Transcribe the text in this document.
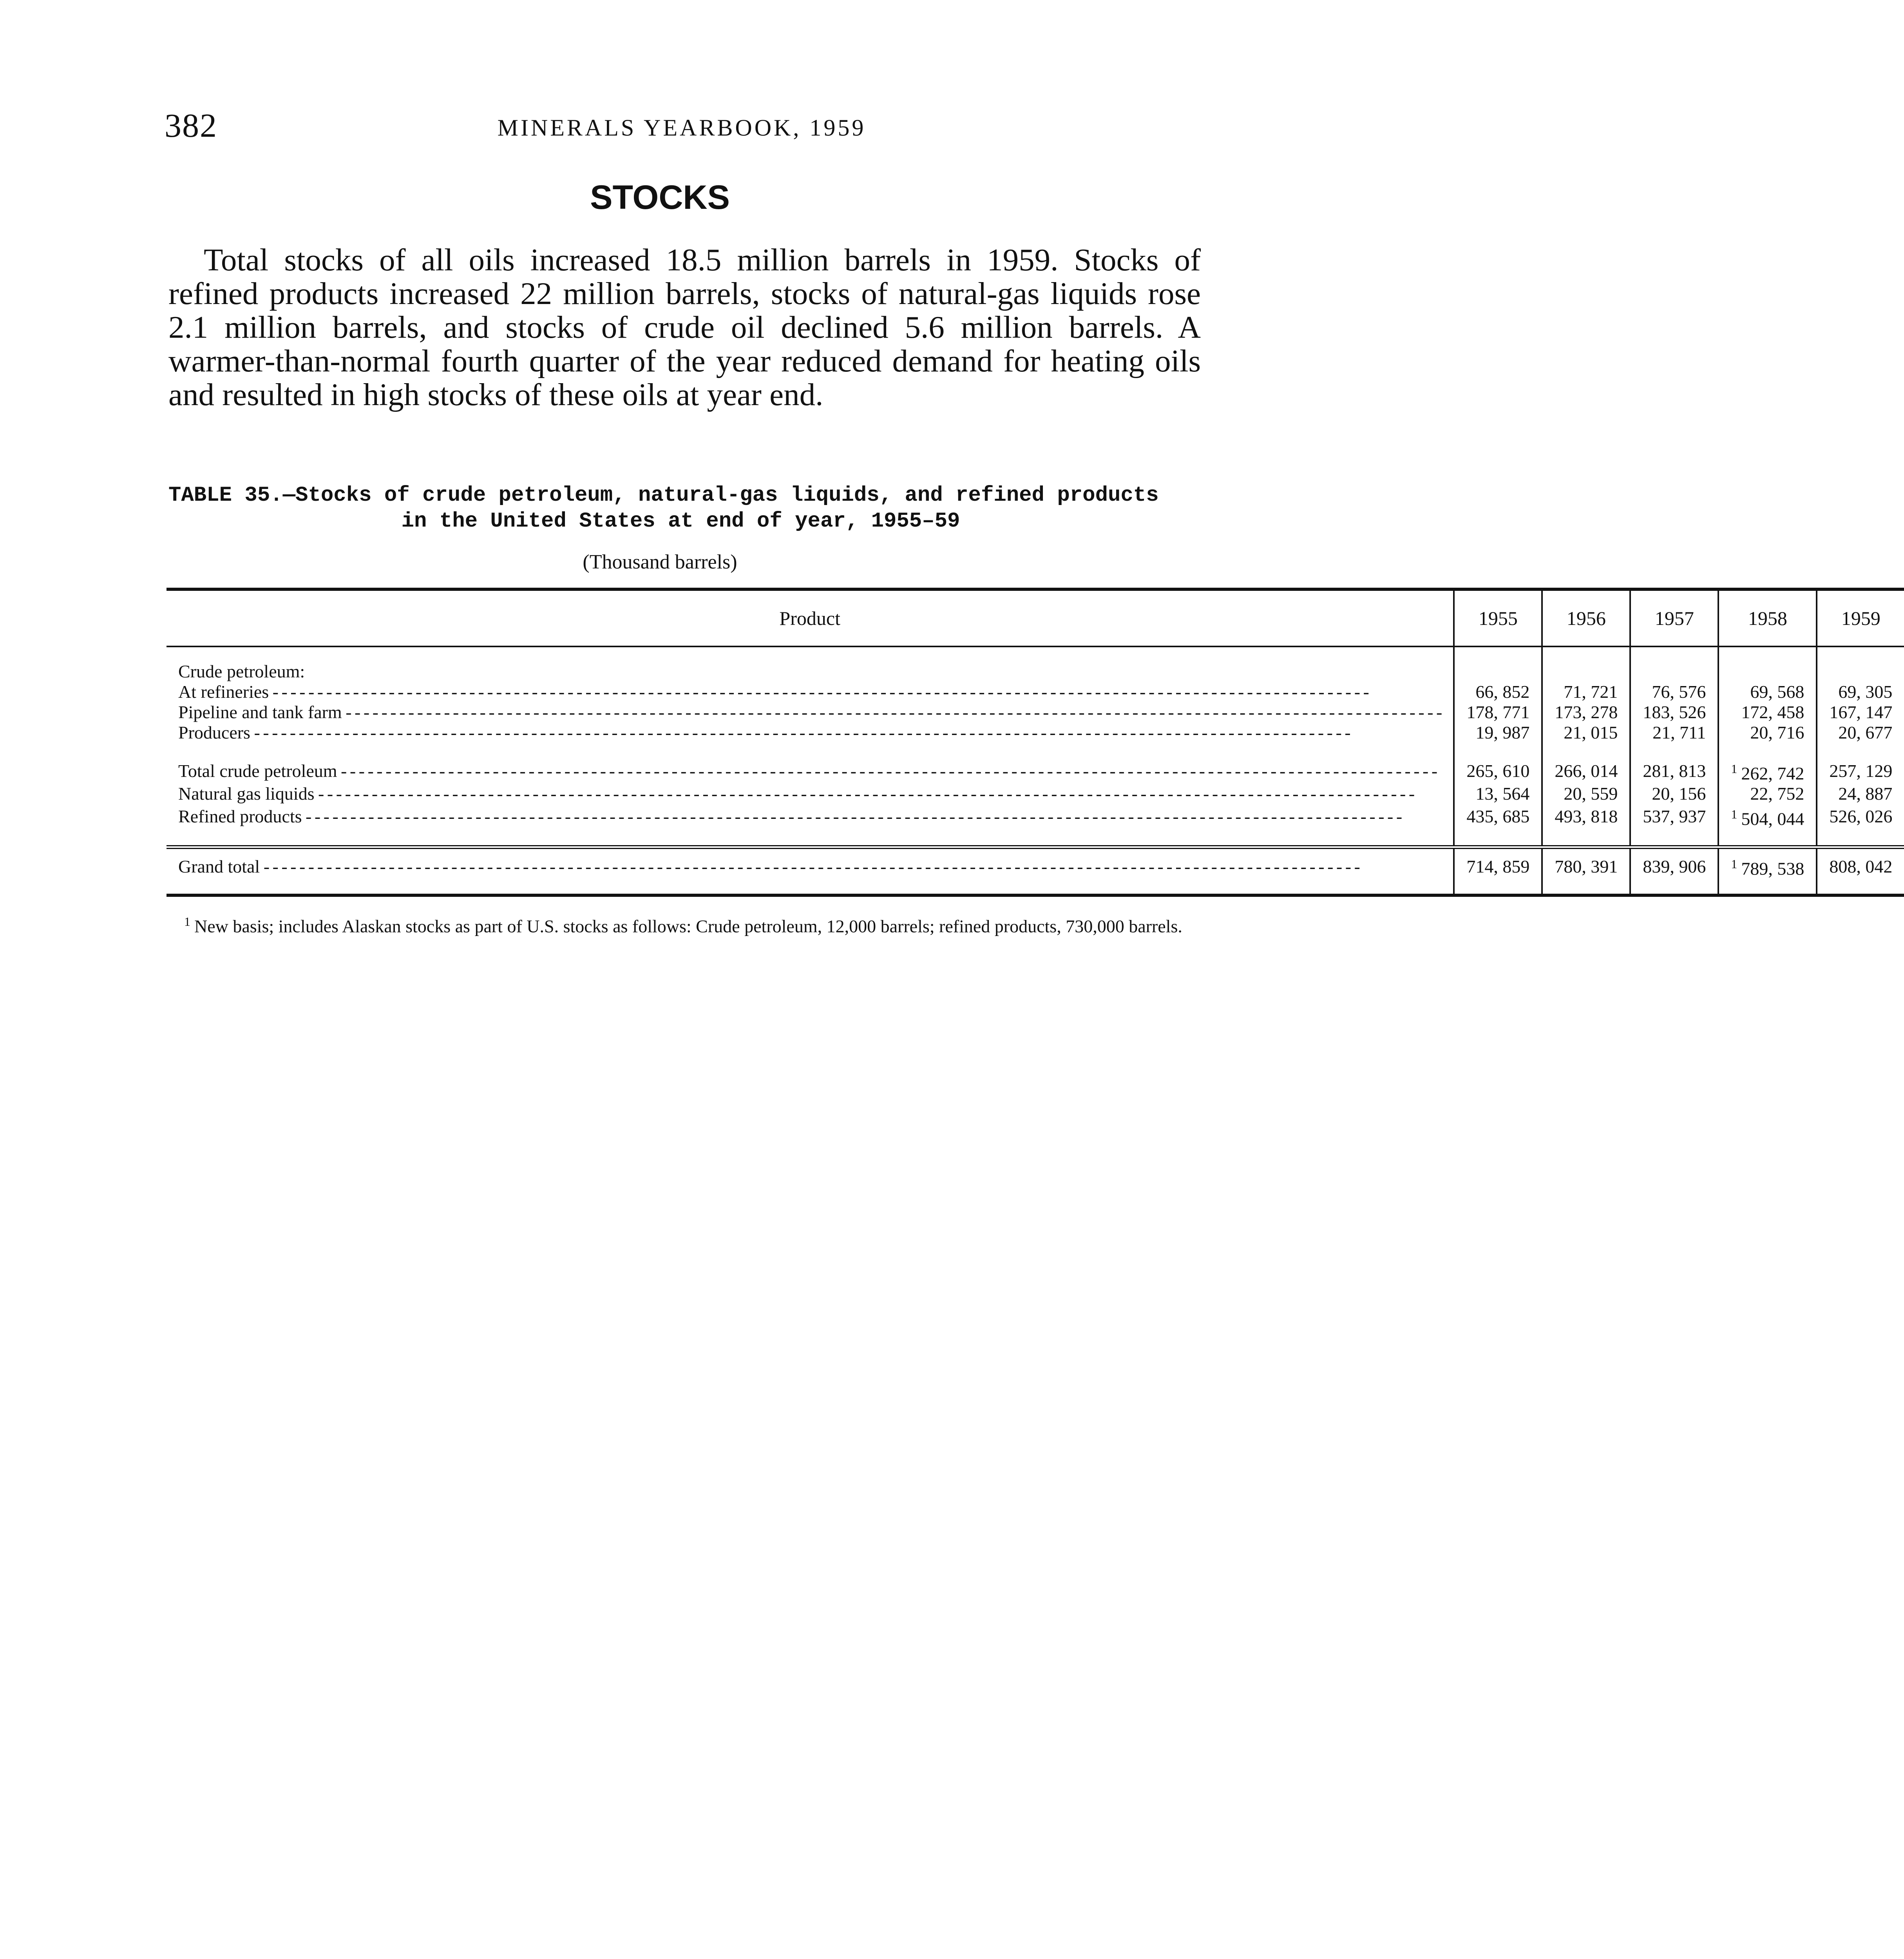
382	MINERALS YEARBOOK, 1959
STOCKS

Total stocks of all oils increased 18.5 million barrels in 1959. Stocks of refined products increased 22 million barrels, stocks of natural-gas liquids rose 2.1 million barrels, and stocks of crude oil declined 5.6 million barrels. A warmer-than-normal fourth quarter of the year reduced demand for heating oils and resulted in high stocks of these oils at year end.

TABLE 35.—Stocks of crude petroleum, natural-gas liquids, and refined products
in the United States at end of year, 1955–59
(Thousand barrels)
Product	1955	1956	1957	1958	1959

Crude petroleum:					
At refineries - - -	66, 852	71, 721	76, 576	69, 568	69, 305
Pipeline and tank farm - - -	178, 771	173, 278	183, 526	172, 458	167, 147
Producers - - -	19, 987	21, 015	21, 711	20, 716	20, 677

Total crude petroleum - - -	265, 610	266, 014	281, 813	$^1$ 262, 742	257, 129
Natural gas liquids - - -	13, 564	20, 559	20, 156	22, 752	24, 887
Refined products - - -	435, 685	493, 818	537, 937	$^1$ 504, 044	526, 026

Grand total - - -	714, 859	780, 391	839, 906	$^1$ 789, 538	808, 042

$^1$ New basis; includes Alaskan stocks as part of U.S. stocks as follows: Crude petroleum, 12,000 barrels; refined products, 730,000 barrels.
